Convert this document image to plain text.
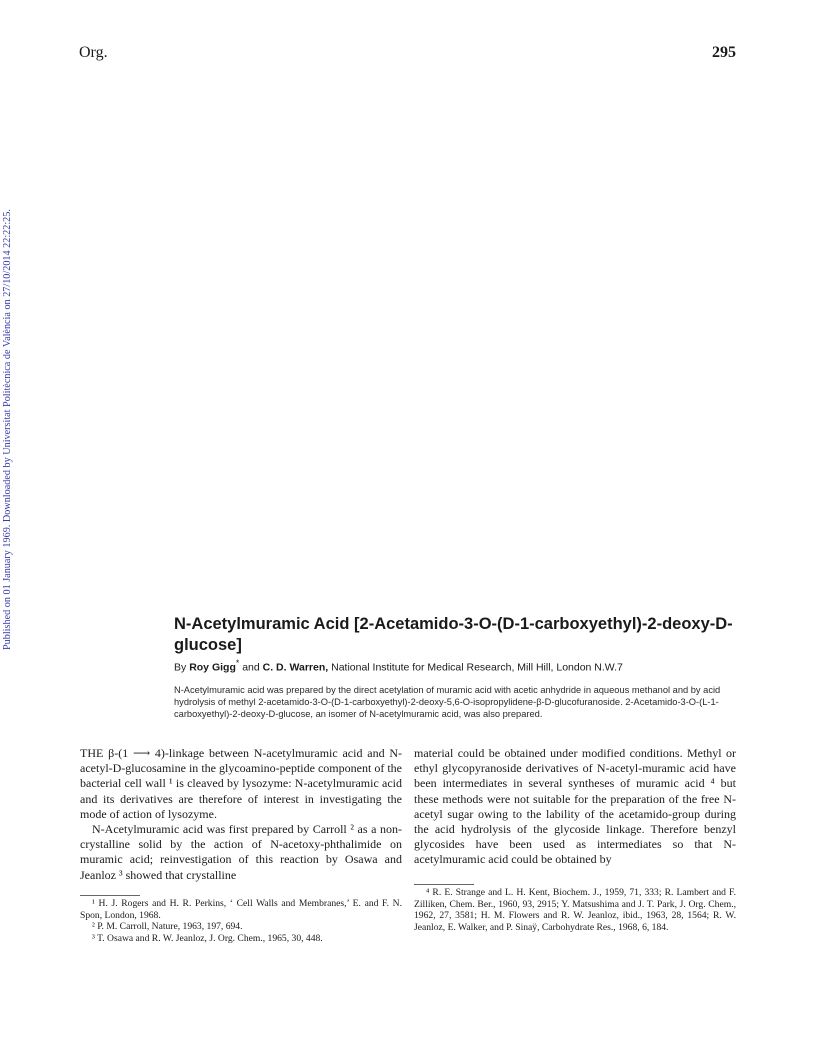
Org.	295
Published on 01 January 1969. Downloaded by Universitat Politècnica de València on 27/10/2014 22:22:25.	N-Acetylmuramic Acid [2-Acetamido-3-O-(D-1-carboxyethyl)-2-deoxy-D-glucose]
By Roy Gigg* and C. D. Warren, National Institute for Medical Research, Mill Hill, London N.W.7

N-Acetylmuramic acid was prepared by the direct acetylation of muramic acid with acetic anhydride in aqueous methanol and by acid hydrolysis of methyl 2-acetamido-3-O-(D-1-carboxyethyl)-2-deoxy-5,6-O-isopropylidene-β-D-glucofuranoside. 2-Acetamido-3-O-(L-1-carboxyethyl)-2-deoxy-D-glucose, an isomer of N-acetylmuramic acid, was also prepared.

THE β-(1 ⟶ 4)-linkage between N-acetylmuramic acid and N-acetyl-D-glucosamine in the glycoamino-peptide component of the bacterial cell wall ¹ is cleaved by lysozyme: N-acetylmuramic acid and its derivatives are therefore of interest in investigating the mode of action of lysozyme.

N-Acetylmuramic acid was first prepared by Carroll ² as a non-crystalline solid by the action of N-acetoxy-phthalimide on muramic acid; reinvestigation of this reaction by Osawa and Jeanloz ³ showed that crystalline

material could be obtained under modified conditions. Methyl or ethyl glycopyranoside derivatives of N-acetyl-muramic acid have been intermediates in several syntheses of muramic acid ⁴ but these methods were not suitable for the preparation of the free N-acetyl sugar owing to the lability of the acetamido-group during the acid hydrolysis of the glycoside linkage. Therefore benzyl glycosides have been used as intermediates so that N-acetylmuramic acid could be obtained by

¹ H. J. Rogers and H. R. Perkins, ‘ Cell Walls and Membranes,’ E. and F. N. Spon, London, 1968.

² P. M. Carroll, Nature, 1963, 197, 694.

³ T. Osawa and R. W. Jeanloz, J. Org. Chem., 1965, 30, 448.

⁴ R. E. Strange and L. H. Kent, Biochem. J., 1959, 71, 333; R. Lambert and F. Zilliken, Chem. Ber., 1960, 93, 2915; Y. Matsushima and J. T. Park, J. Org. Chem., 1962, 27, 3581; H. M. Flowers and R. W. Jeanloz, ibid., 1963, 28, 1564; R. W. Jeanloz, E. Walker, and P. Sinaÿ, Carbohydrate Res., 1968, 6, 184.
